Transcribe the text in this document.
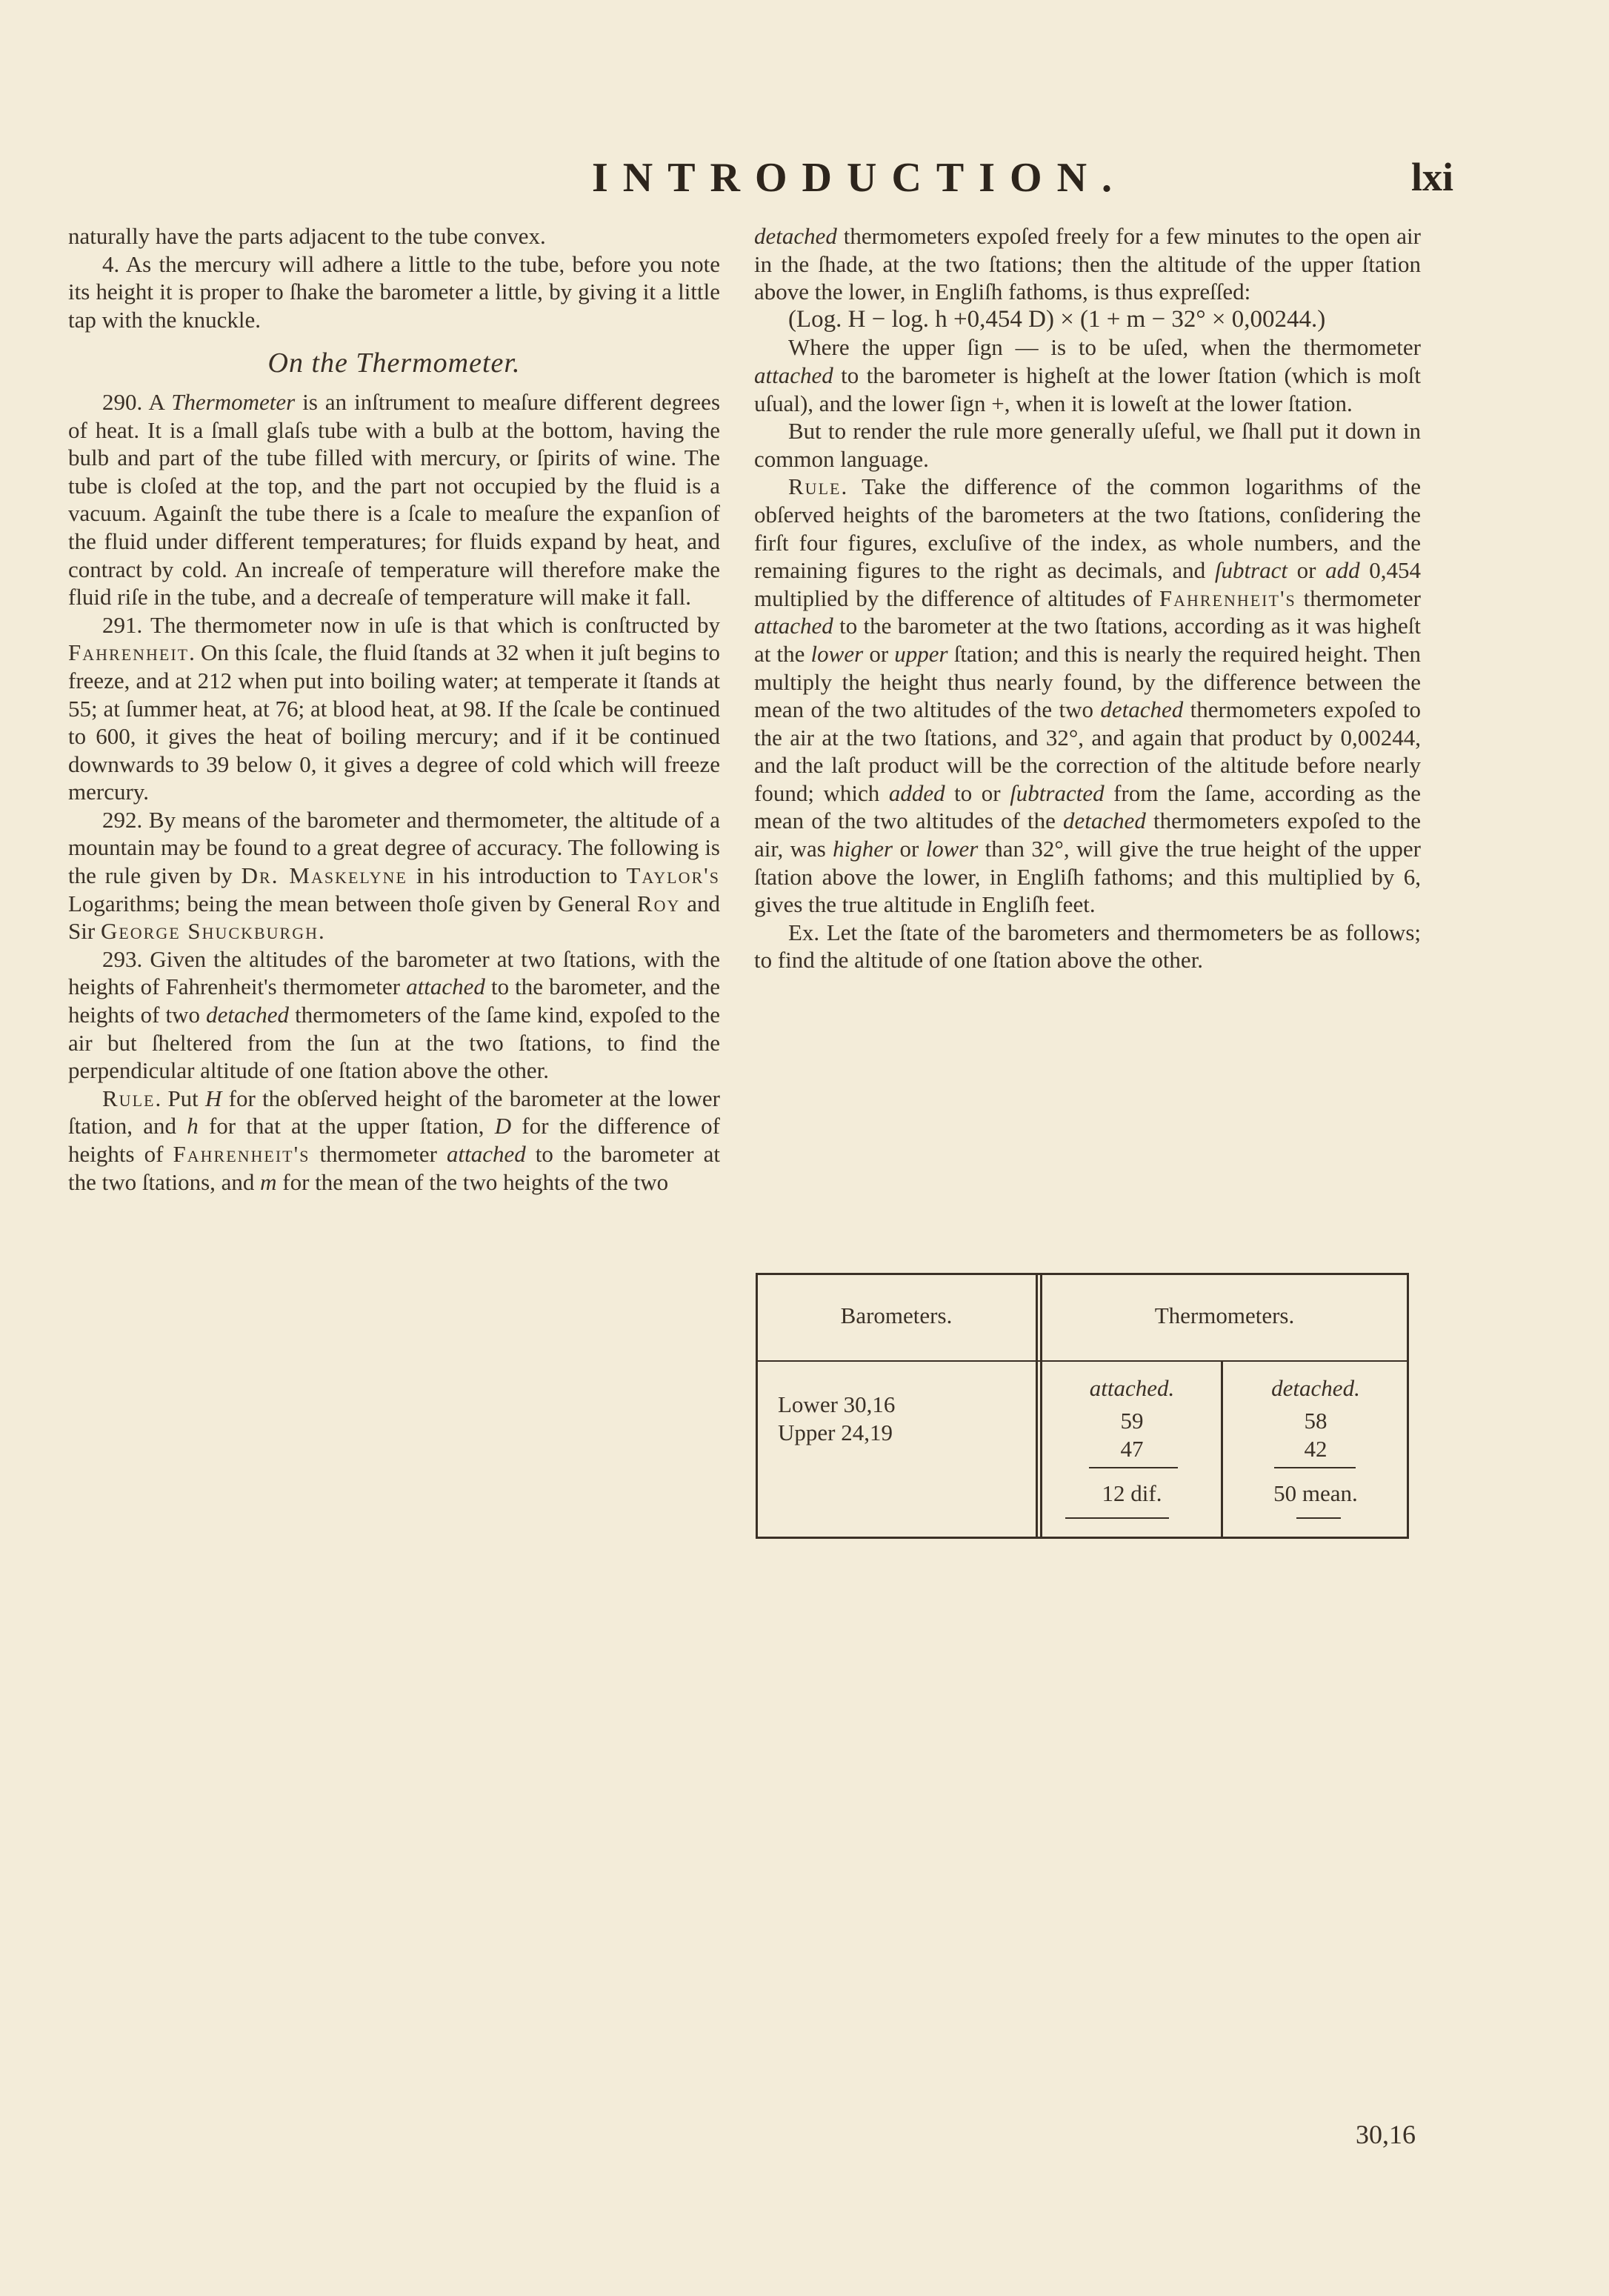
INTRODUCTION.	lxi

naturally have the parts adjacent to the tube convex.

4. As the mercury will adhere a little to the tube, before you note its height it is proper to ſhake the barometer a little, by giving it a little tap with the knuckle.

On the Thermometer.

290. A Thermometer is an inſtrument to meaſure different degrees of heat. It is a ſmall glaſs tube with a bulb at the bottom, having the bulb and part of the tube filled with mercury, or ſpirits of wine. The tube is cloſed at the top, and the part not occupied by the fluid is a vacuum. Againſt the tube there is a ſcale to meaſure the expanſion of the fluid under different temperatures; for fluids expand by heat, and contract by cold. An increaſe of temperature will therefore make the fluid riſe in the tube, and a decreaſe of temperature will make it fall.

291. The thermometer now in uſe is that which is conſtructed by Fahrenheit. On this ſcale, the fluid ſtands at 32 when it juſt begins to freeze, and at 212 when put into boiling water; at temperate it ſtands at 55; at ſummer heat, at 76; at blood heat, at 98. If the ſcale be continued to 600, it gives the heat of boiling mercury; and if it be continued downwards to 39 below 0, it gives a degree of cold which will freeze mercury.

292. By means of the barometer and thermometer, the altitude of a mountain may be found to a great degree of accuracy. The following is the rule given by Dr. Maskelyne in his introduction to Taylor's Logarithms; being the mean between thoſe given by General Roy and Sir George Shuckburgh.

293. Given the altitudes of the barometer at two ſtations, with the heights of Fahrenheit's thermometer attached to the barometer, and the heights of two detached thermometers of the ſame kind, expoſed to the air but ſheltered from the ſun at the two ſtations, to find the perpendicular altitude of one ſtation above the other.

Rule. Put H for the obſerved height of the barometer at the lower ſtation, and h for that at the upper ſtation, D for the difference of heights of Fahrenheit's thermometer attached to the barometer at the two ſtations, and m for the mean of the two heights of the two

detached thermometers expoſed freely for a few minutes to the open air in the ſhade, at the two ſtations; then the altitude of the upper ſtation above the lower, in Engliſh fathoms, is thus expreſſed:

(Log. H − log. h +0,454 D) × (1 + m − 32° × 0,00244.)

Where the upper ſign — is to be uſed, when the thermometer attached to the barometer is higheſt at the lower ſtation (which is moſt uſual), and the lower ſign +, when it is loweſt at the lower ſtation.

But to render the rule more generally uſeful, we ſhall put it down in common language.

Rule. Take the difference of the common logarithms of the obſerved heights of the barometers at the two ſtations, conſidering the firſt four figures, excluſive of the index, as whole numbers, and the remaining figures to the right as decimals, and ſubtract or add 0,454 multiplied by the difference of altitudes of Fahrenheit's thermometer attached to the barometer at the two ſtations, according as it was higheſt at the lower or upper ſtation; and this is nearly the required height. Then multiply the height thus nearly found, by the difference between the mean of the two altitudes of the two detached thermometers expoſed to the air at the two ſtations, and 32°, and again that product by 0,00244, and the laſt product will be the correction of the altitude before nearly found; which added to or ſubtracted from the ſame, according as the mean of the two altitudes of the detached thermometers expoſed to the air, was higher or lower than 32°, will give the true height of the upper ſtation above the lower, in Engliſh fathoms; and this multiplied by 6, gives the true altitude in Engliſh feet.

Ex. Let the ſtate of the barometers and thermometers be as follows; to find the altitude of one ſtation above the other.

Barometers.	Thermometers.
Lower 30,16
Upper 24,19
attached.
59
47
12 dif.
detached.
58
42
50 mean.
30,16
